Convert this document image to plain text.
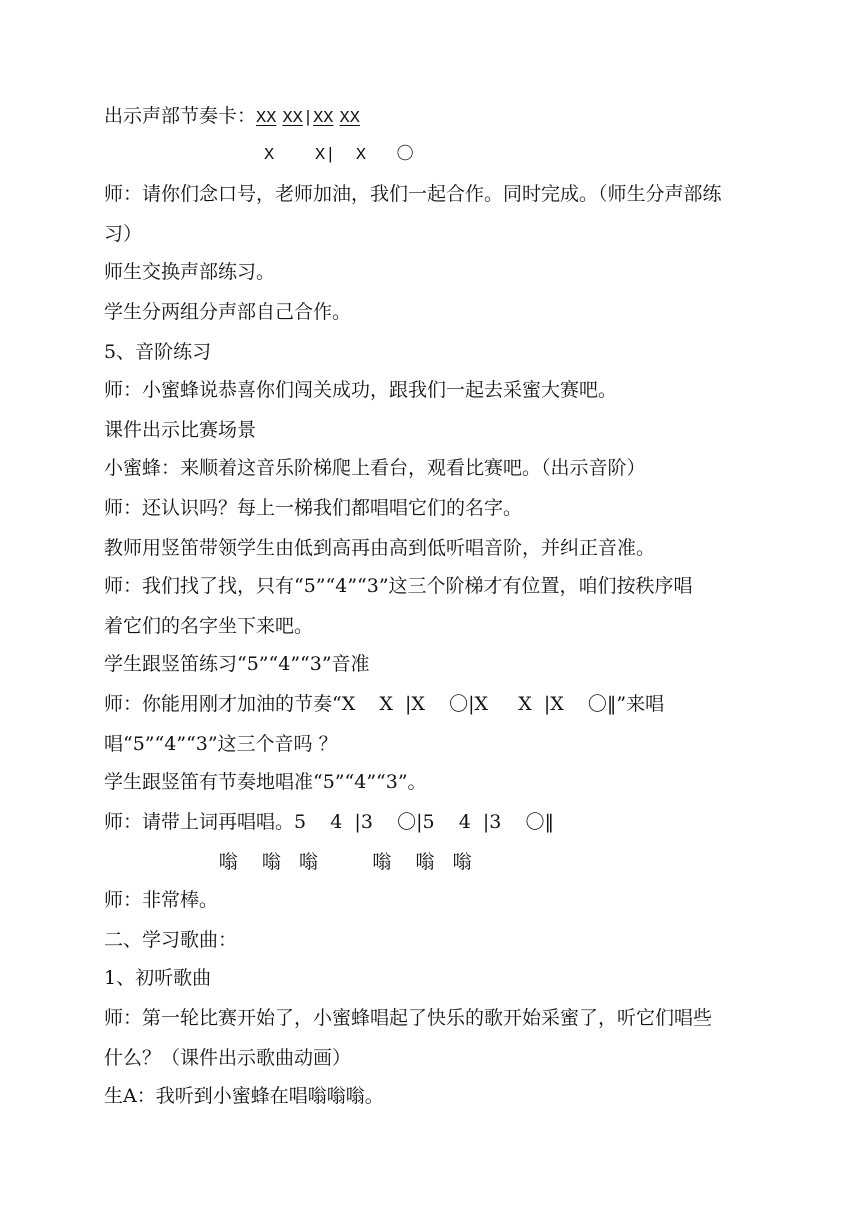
出示声部节奏卡：XX XX|XX XX
X    X|  X   〇
师：请你们念口号，老师加油，我们一起合作。同时完成。（师生分声部练
习）
师生交换声部练习。
学生分两组分声部自己合作。
5、音阶练习
师：小蜜蜂说恭喜你们闯关成功，跟我们一起去采蜜大赛吧。
课件出示比赛场景
小蜜蜂：来顺着这音乐阶梯爬上看台，观看比赛吧。（出示音阶）
师：还认识吗？每上一梯我们都唱唱它们的名字。
教师用竖笛带领学生由低到高再由高到低听唱音阶，并纠正音准。
师：我们找了找，只有“5”“4”“3”这三个阶梯才有位置，咱们按秩序唱
着它们的名字坐下来吧。
学生跟竖笛练习“5”“4”“3”音准
师：你能用刚才加油的节奏“X    X  |X    〇|X     X  |X    〇‖”来唱
唱“5”“4”“3”这三个音吗 ？
学生跟竖笛有节奏地唱准“5”“4”“3”。
师：请带上词再唱唱。5    4  |3    〇|5    4  |3    〇‖
嗡    嗡   嗡         嗡    嗡   嗡
师：非常棒。
二、学习歌曲：
1、初听歌曲
师：第一轮比赛开始了，小蜜蜂唱起了快乐的歌开始采蜜了，听它们唱些
什么？（课件出示歌曲动画）
生A：我听到小蜜蜂在唱嗡嗡嗡。
